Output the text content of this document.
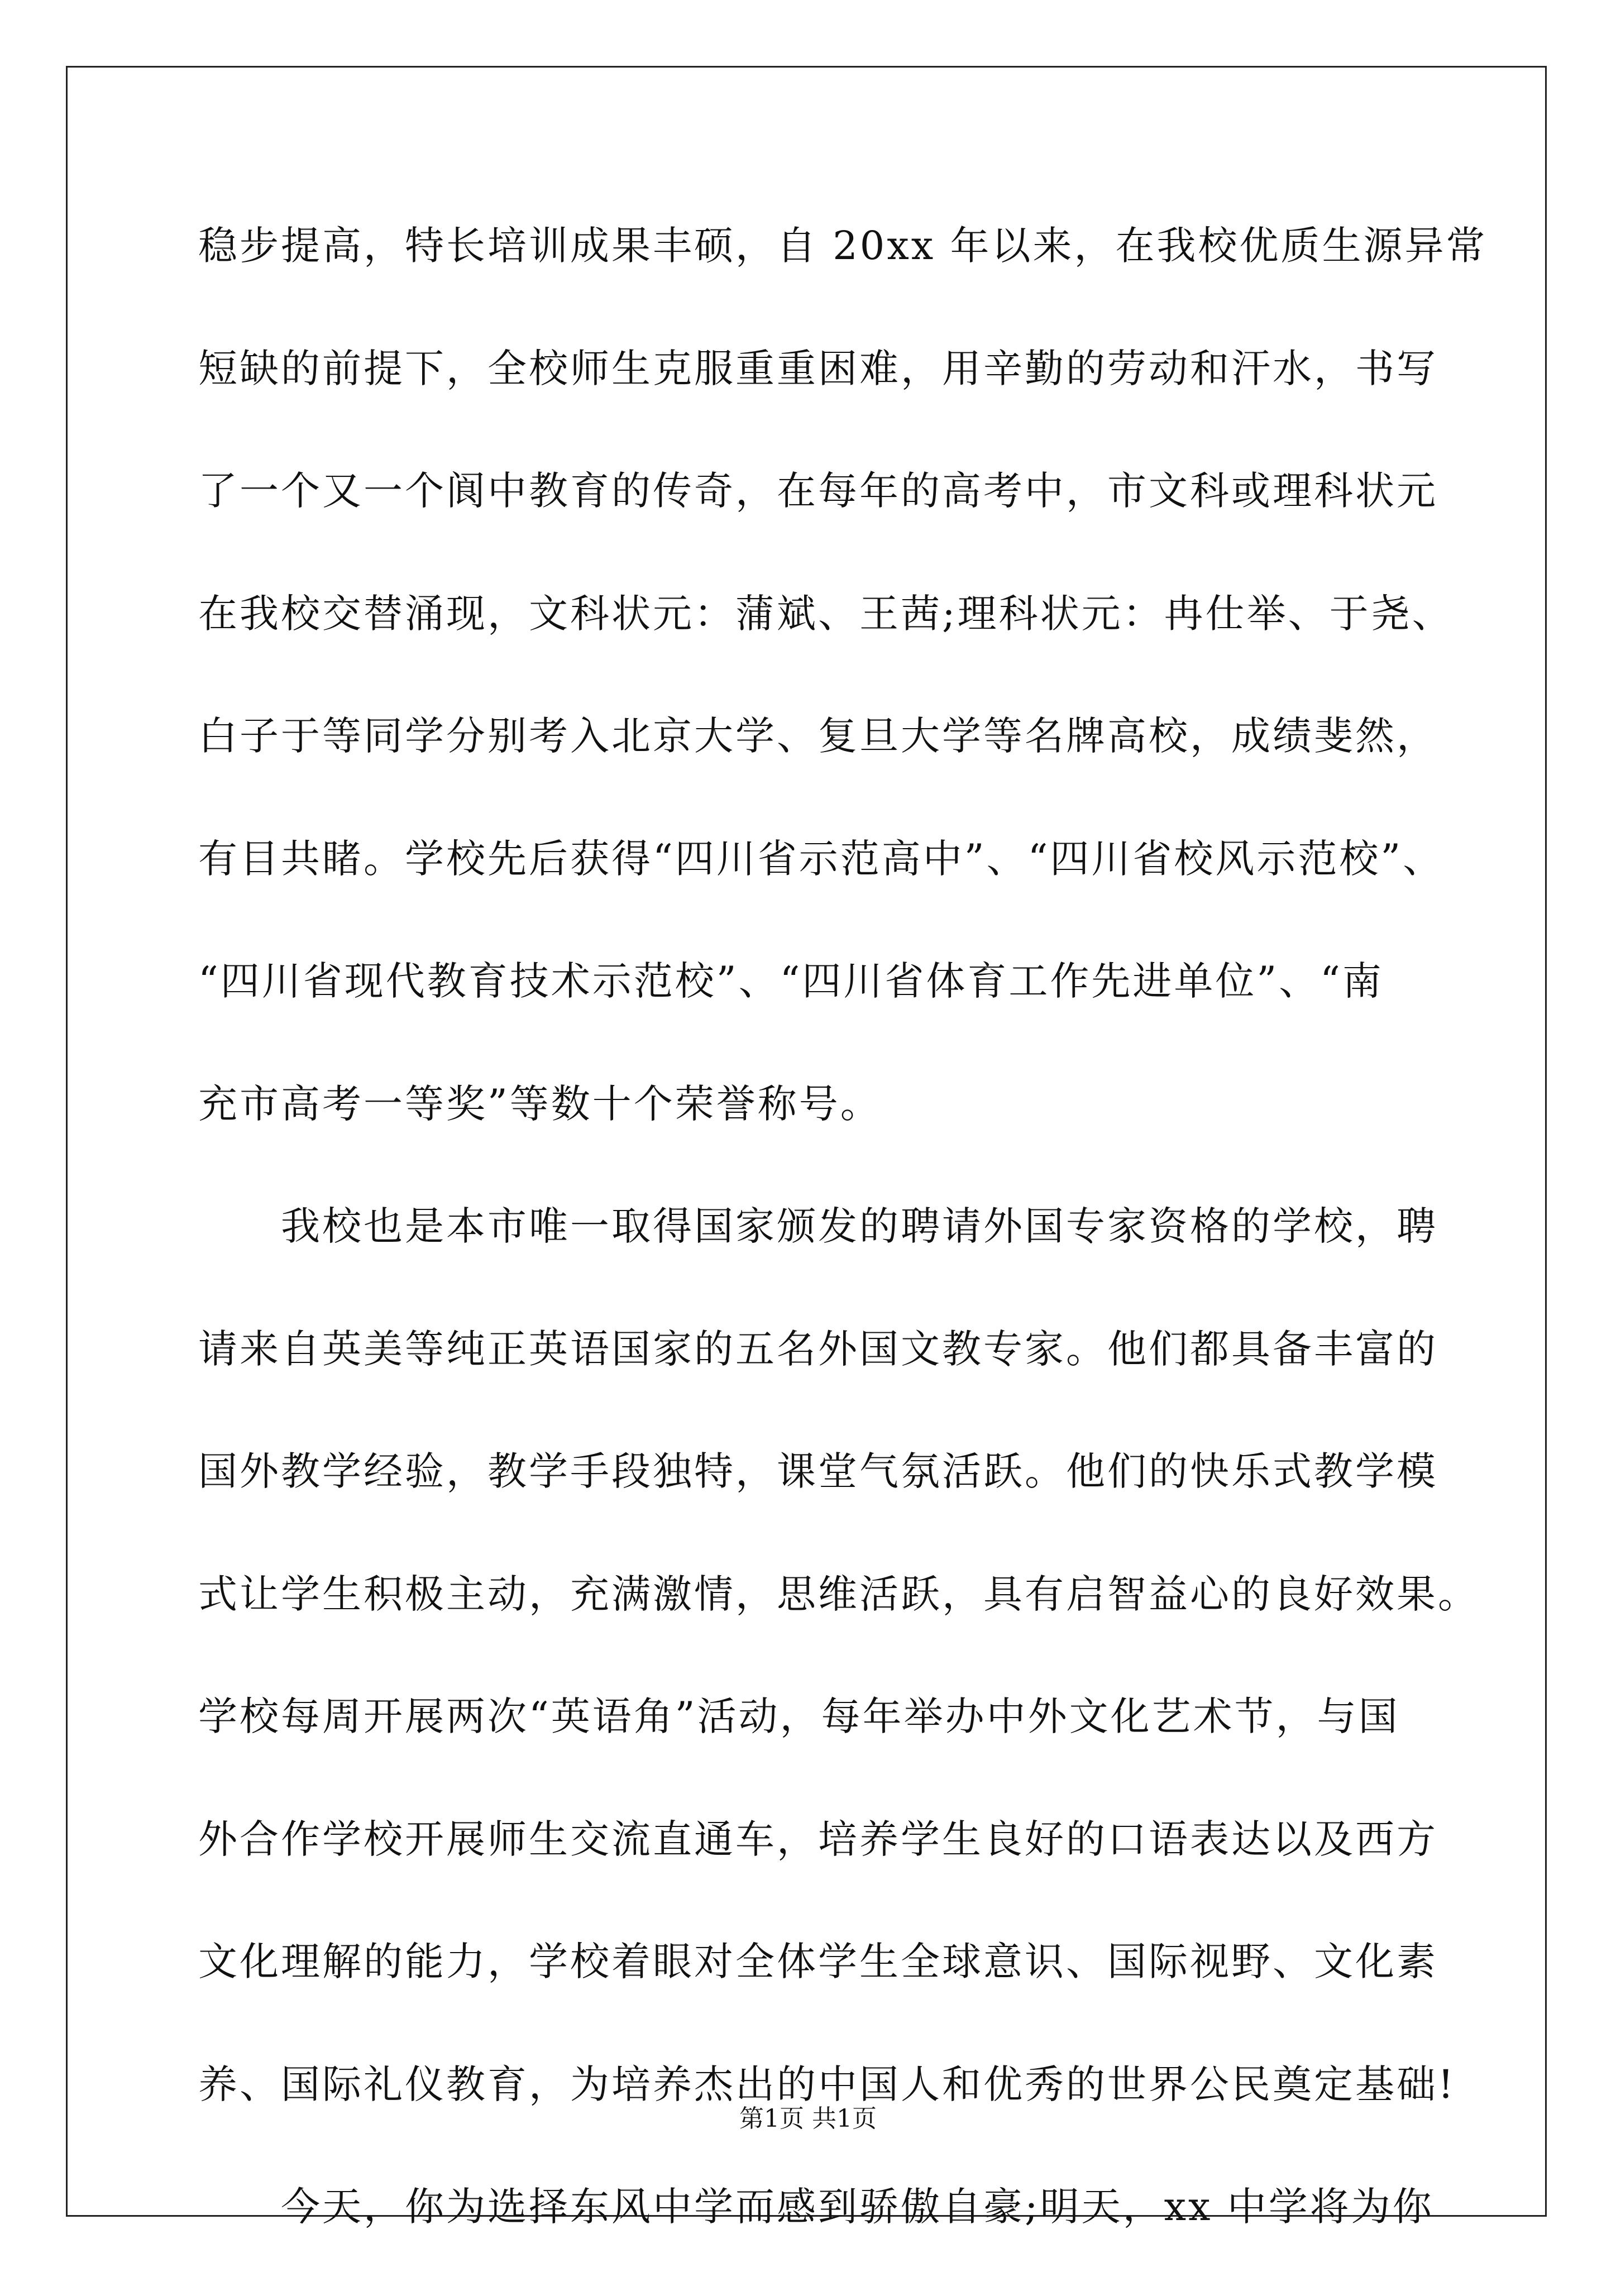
稳步提高，特长培训成果丰硕，自 20xx 年以来，在我校优质生源异常
短缺的前提下，全校师生克服重重困难，用辛勤的劳动和汗水，书写
了一个又一个阆中教育的传奇，在每年的高考中，市文科或理科状元
在我校交替涌现，文科状元：蒲斌、王茜;理科状元：冉仕举、于尧、
白子于等同学分别考入北京大学、复旦大学等名牌高校，成绩斐然，
有目共睹。学校先后获得“四川省示范高中”、“四川省校风示范校”、
“四川省现代教育技术示范校”、“四川省体育工作先进单位”、“南
充市高考一等奖”等数十个荣誉称号。
我校也是本市唯一取得国家颁发的聘请外国专家资格的学校，聘
请来自英美等纯正英语国家的五名外国文教专家。他们都具备丰富的
国外教学经验，教学手段独特，课堂气氛活跃。他们的快乐式教学模
式让学生积极主动，充满激情，思维活跃，具有启智益心的良好效果。
学校每周开展两次“英语角”活动，每年举办中外文化艺术节，与国
外合作学校开展师生交流直通车，培养学生良好的口语表达以及西方
文化理解的能力，学校着眼对全体学生全球意识、国际视野、文化素
养、国际礼仪教育，为培养杰出的中国人和优秀的世界公民奠定基础!
今天，你为选择东风中学而感到骄傲自豪;明天，xx 中学将为你
第1页 共1页
